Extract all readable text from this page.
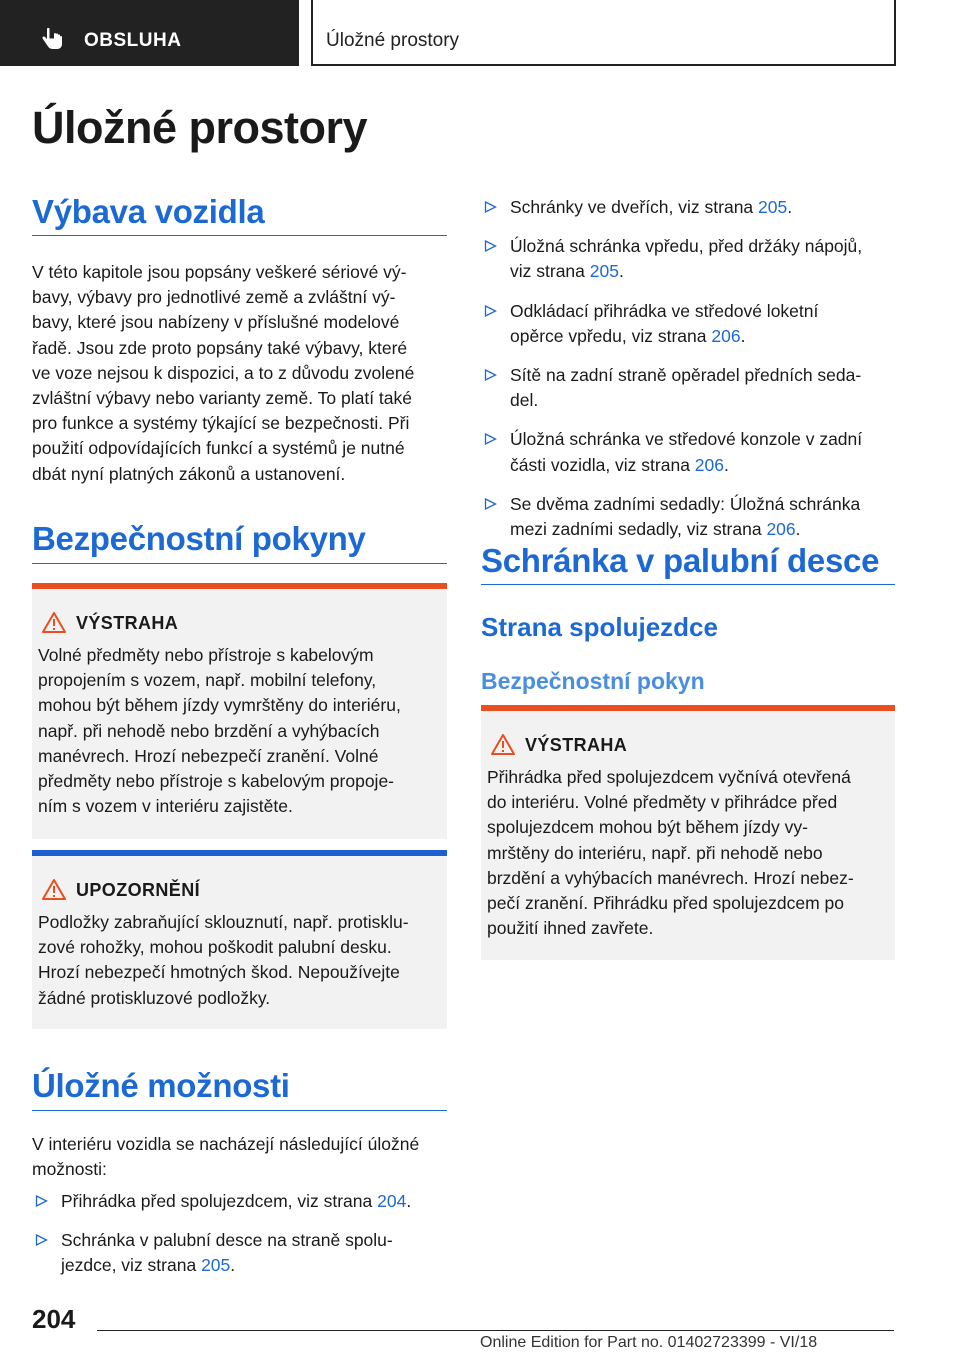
OBSLUHA	Úložné prostory
Úložné prostory
Výbava vozidla
V této kapitole jsou popsány veškeré sériové vý-
bavy, výbavy pro jednotlivé země a zvláštní vý-
bavy, které jsou nabízeny v příslušné modelové
řadě. Jsou zde proto popsány také výbavy, které
ve voze nejsou k dispozici, a to z důvodu zvolené
zvláštní výbavy nebo varianty země. To platí také
pro funkce a systémy týkající se bezpečnosti. Při
použití odpovídajících funkcí a systémů je nutné
dbát nyní platných zákonů a ustanovení.
Bezpečnostní pokyny
VÝSTRAHA
Volné předměty nebo přístroje s kabelovým
propojením s vozem, např. mobilní telefony,
mohou být během jízdy vymrštěny do interiéru,
např. při nehodě nebo brzdění a vyhýbacích
manévrech. Hrozí nebezpečí zranění. Volné
předměty nebo přístroje s kabelovým propoje-
ním s vozem v interiéru zajistěte.
UPOZORNĚNÍ
Podložky zabraňující sklouznutí, např. protisklu-
zové rohožky, mohou poškodit palubní desku.
Hrozí nebezpečí hmotných škod. Nepoužívejte
žádné protiskluzové podložky.
Úložné možnosti
V interiéru vozidla se nacházejí následující úložné
možnosti:
Přihrádka před spolujezdcem, viz strana 204.
Schránka v palubní desce na straně spolu-
jezdce, viz strana 205.
Schránky ve dveřích, viz strana 205.
Úložná schránka vpředu, před držáky nápojů,
viz strana 205.
Odkládací přihrádka ve středové loketní
opěrce vpředu, viz strana 206.
Sítě na zadní straně opěradel předních seda-
del.
Úložná schránka ve středové konzole v zadní
části vozidla, viz strana 206.
Se dvěma zadními sedadly: Úložná schránka
mezi zadními sedadly, viz strana 206.
Schránka v palubní desce
Strana spolujezdce
Bezpečnostní pokyn
VÝSTRAHA
Přihrádka před spolujezdcem vyčnívá otevřená
do interiéru. Volné předměty v přihrádce před
spolujezdcem mohou být během jízdy vy-
mrštěny do interiéru, např. při nehodě nebo
brzdění a vyhýbacích manévrech. Hrozí nebez-
pečí zranění. Přihrádku před spolujezdcem po
použití ihned zavřete.
204
Online Edition for Part no. 01402723399 - VI/18
